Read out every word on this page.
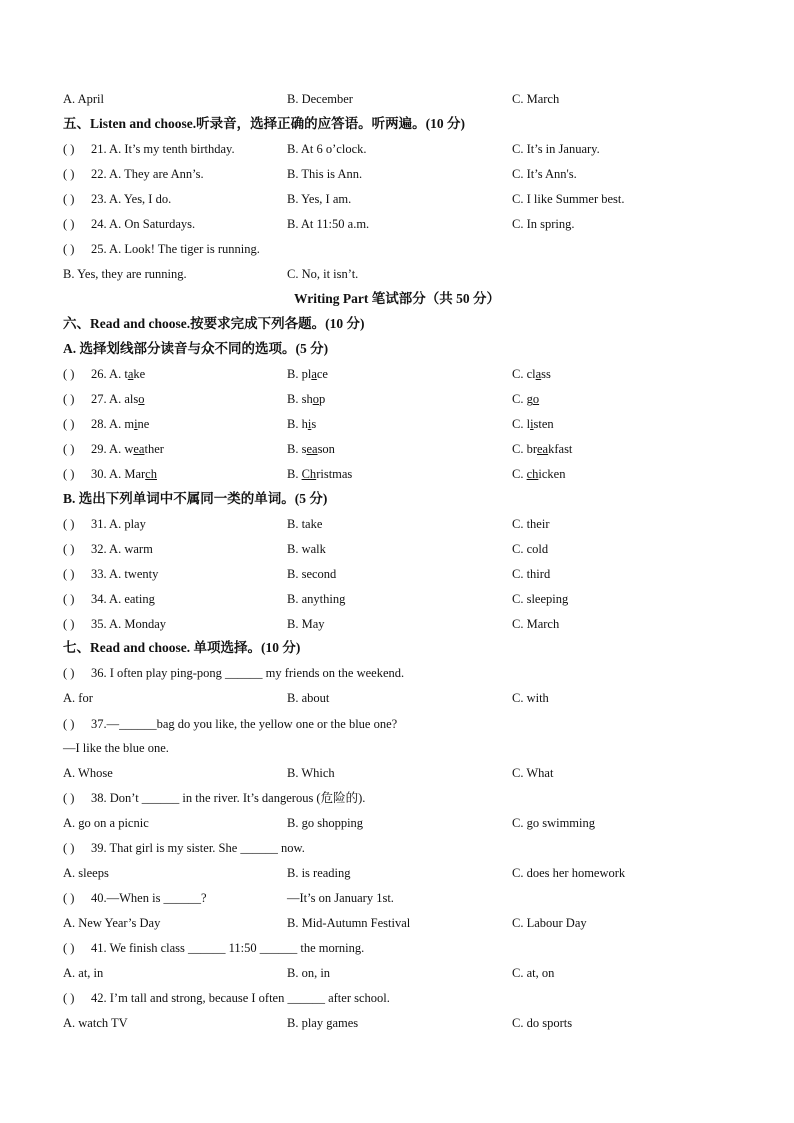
A. April	B. December	C. March
五、Listen and choose.听录音，选择正确的应答语。听两遍。(10 分)
( ) 21. A. It’s my tenth birthday.	B. At 6 o’clock.	C. It’s in January.
( ) 22. A. They are Ann’s.	B. This is Ann.	C. It’s Ann's.
( ) 23. A. Yes, I do.	B. Yes, I am.	C. I like Summer best.
( ) 24. A. On Saturdays.	B. At 11:50 a.m.	C. In spring.
( ) 25. A. Look! The tiger is running.
B. Yes, they are running.	C. No, it isn’t.
Writing Part 笔试部分（共 50 分）
六、Read and choose.按要求完成下列各题。(10 分)
A. 选择划线部分读音与众不同的选项。(5 分)
( ) 26. A. take	B. place	C. class
( ) 27. A. also	B. shop	C. go
( ) 28. A. mine	B. his	C. listen
( ) 29. A. weather	B. season	C. breakfast
( ) 30. A. March	B. Christmas	C. chicken
B. 选出下列单词中不属同一类的单词。(5 分)
( ) 31. A. play	B. take	C. their
( ) 32. A. warm	B. walk	C. cold
( ) 33. A. twenty	B. second	C. third
( ) 34. A. eating	B. anything	C. sleeping
( ) 35. A. Monday	B. May	C. March
七、Read and choose. 单项选择。(10 分)
( ) 36. I often play ping-pong ______ my friends on the weekend.
A. for	B. about	C. with
( ) 37.—______bag do you like, the yellow one or the blue one?
—I like the blue one.
A. Whose	B. Which	C. What
( ) 38. Don’t ______ in the river. It’s dangerous (危险的).
A. go on a picnic	B. go shopping	C. go swimming
( ) 39. That girl is my sister. She ______ now.
A. sleeps	B. is reading	C. does her homework
( ) 40.—When is ______?	—It’s on January 1st.
A. New Year’s Day	B. Mid-Autumn Festival	C. Labour Day
( ) 41. We finish class ______ 11:50 ______ the morning.
A. at, in	B. on, in	C. at, on
( ) 42. I’m tall and strong, because I often ______ after school.
A. watch TV	B. play games	C. do sports
